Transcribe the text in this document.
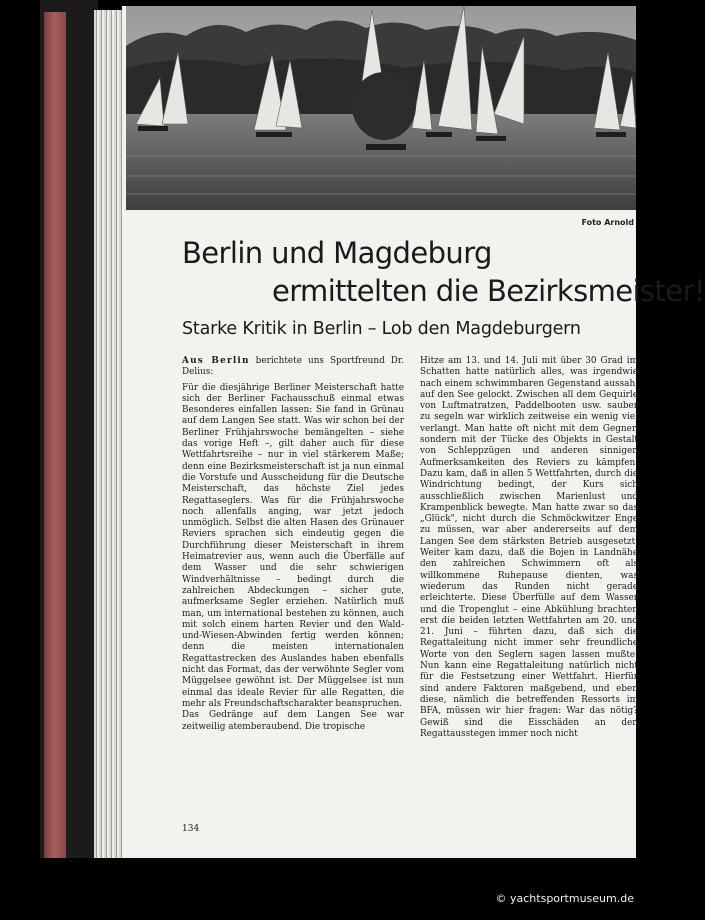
Foto Arnold
Berlin und Magdeburg
ermittelten die Bezirksmeister!
Starke Kritik in Berlin – Lob den Magdeburgern

Aus Berlin berichtete uns Sportfreund Dr. Delius:

Für die diesjährige Berliner Meisterschaft hatte sich der Berliner Fachausschuß einmal etwas Besonderes einfallen lassen: Sie fand in Grünau auf dem Langen See statt. Was wir schon bei der Berliner Frühjahrswoche bemängelten – siehe das vorige Heft –, gilt daher auch für diese Wettfahrtsreihe – nur in viel stärkerem Maße; denn eine Bezirksmeisterschaft ist ja nun einmal die Vorstufe und Ausscheidung für die Deutsche Meisterschaft, das höchste Ziel jedes Regattaseglers. Was für die Frühjahrswoche noch allenfalls anging, war jetzt jedoch unmöglich. Selbst die alten Hasen des Grünauer Reviers sprachen sich eindeutig gegen die Durchführung dieser Meisterschaft in ihrem Heimatrevier aus, wenn auch die Überfälle auf dem Wasser und die sehr schwierigen Windverhältnisse – bedingt durch die zahlreichen Abdeckungen – sicher gute, aufmerksame Segler erziehen. Natürlich muß man, um international bestehen zu können, auch mit solch einem harten Revier und den Wald-und-Wiesen-Abwinden fertig werden können; denn die meisten internationalen Regattastrecken des Auslandes haben ebenfalls nicht das Format, das der verwöhnte Segler vom Müggelsee gewöhnt ist. Der Müggelsee ist nun einmal das ideale Revier für alle Regatten, die mehr als Freundschaftscharakter beanspruchen.

Das Gedränge auf dem Langen See war zeitweilig atemberaubend. Die tropische

Hitze am 13. und 14. Juli mit über 30 Grad im Schatten hatte natürlich alles, was irgendwie nach einem schwimmbaren Gegenstand aussah, auf den See gelockt. Zwischen all dem Gequirle von Luftmatratzen, Paddelbooten usw. sauber zu segeln war wirklich zeitweise ein wenig viel verlangt. Man hatte oft nicht mit dem Gegner, sondern mit der Tücke des Objekts in Gestalt von Schleppzügen und anderen sinnigen Aufmerksamkeiten des Reviers zu kämpfen. Dazu kam, daß in allen 5 Wettfahrten, durch die Windrichtung bedingt, der Kurs sich ausschließlich zwischen Marienlust und Krampenblick bewegte. Man hatte zwar so das „Glück", nicht durch die Schmöckwitzer Enge zu müssen, war aber andererseits auf dem Langen See dem stärksten Betrieb ausgesetzt. Weiter kam dazu, daß die Bojen in Landnähe den zahlreichen Schwimmern oft als willkommene Ruhepause dienten, was wiederum das Runden nicht gerade erleichterte. Diese Überfülle auf dem Wasser und die Tropenglut – eine Abkühlung brachten erst die beiden letzten Wettfahrten am 20. und 21. Juni – führten dazu, daß sich die Regattaleitung nicht immer sehr freundliche Worte von den Seglern sagen lassen mußte. Nun kann eine Regattaleitung natürlich nicht für die Festsetzung einer Wettfahrt. Hierfür sind andere Faktoren maßgebend, und eben diese, nämlich die betreffenden Ressorts im BFA, müssen wir hier fragen: War das nötig? Gewiß sind die Eisschäden an den Regattausstegen immer noch nicht

134
© yachtsportmuseum.de
